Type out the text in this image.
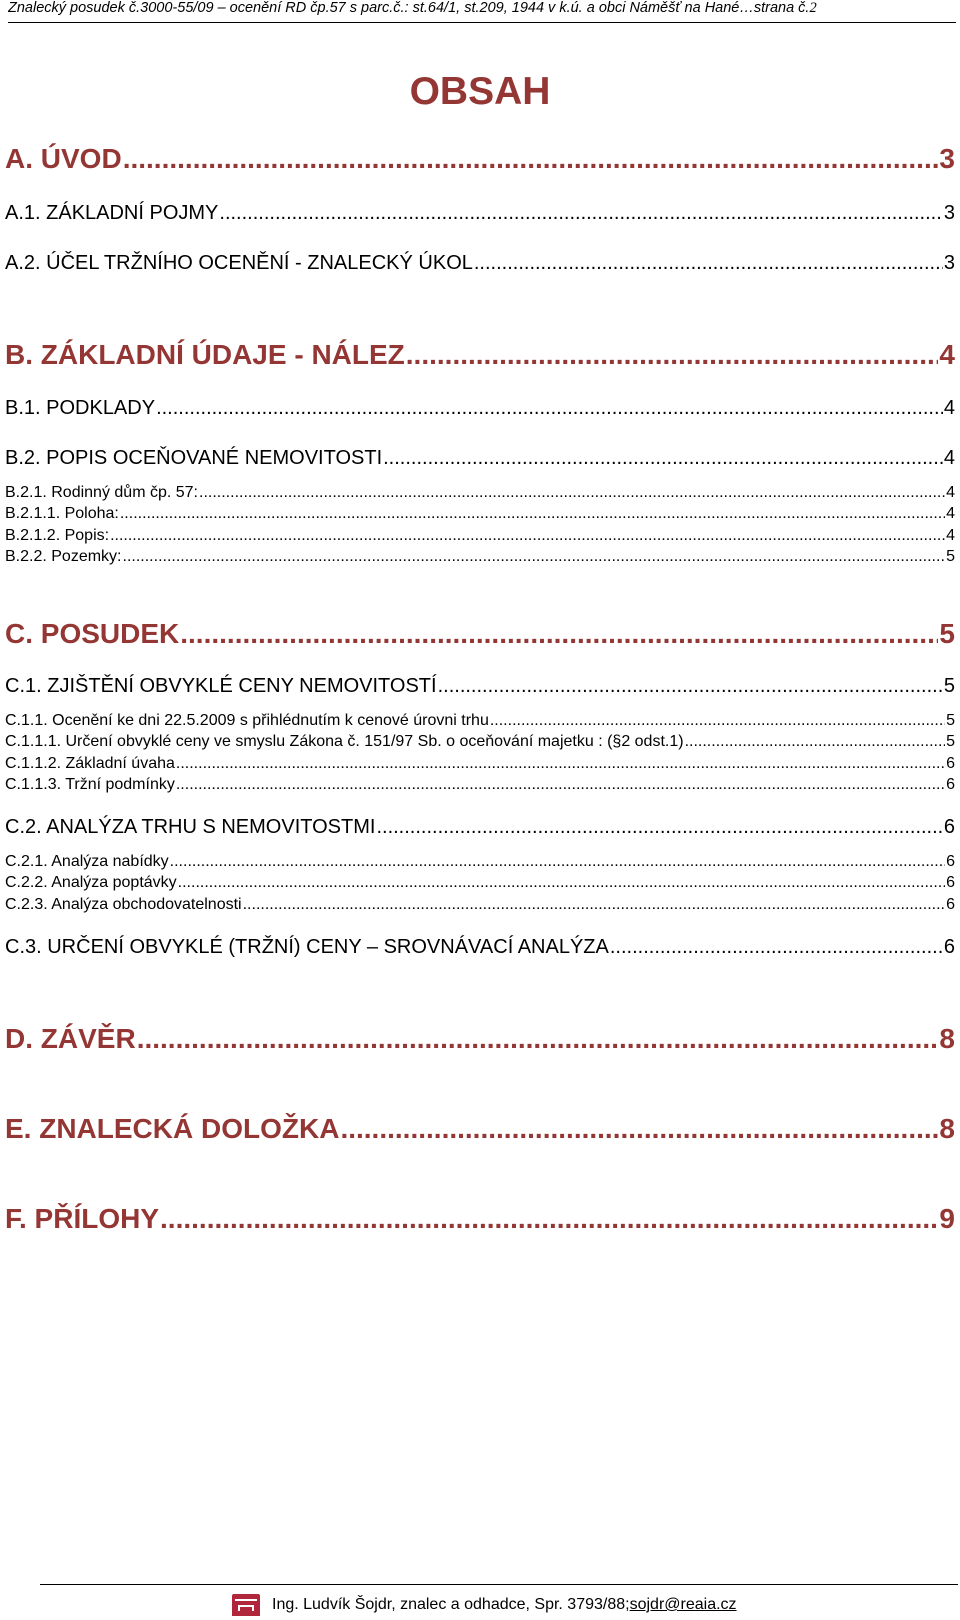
Znalecký posudek č.3000-55/09 – ocenění RD čp.57 s parc.č.: st.64/1, st.209, 1944 v k.ú. a obci Náměšť na Hané…strana č.2
OBSAH
A. ÚVOD .....	3
A.1. ZÁKLADNÍ POJMY .....	3
A.2. ÚČEL TRŽNÍHO OCENĚNÍ - ZNALECKÝ ÚKOL .....	3
B. ZÁKLADNÍ ÚDAJE - NÁLEZ .....	4
B.1. PODKLADY .....	4
B.2. POPIS OCEŇOVANÉ NEMOVITOSTI .....	4
B.2.1. Rodinný dům čp. 57: .....	4
B.2.1.1. Poloha: .....	4
B.2.1.2. Popis: .....	4
B.2.2. Pozemky: .....	5
C. POSUDEK .....	5
C.1. ZJIŠTĚNÍ OBVYKLÉ CENY NEMOVITOSTÍ .....	5
C.1.1. Ocenění ke dni 22.5.2009 s přihlédnutím k cenové úrovni trhu .....	5
C.1.1.1. Určení obvyklé ceny ve smyslu Zákona č. 151/97 Sb. o oceňování majetku : (§2 odst.1) .....	5
C.1.1.2. Základní úvaha .....	6
C.1.1.3. Tržní podmínky .....	6
C.2. ANALÝZA TRHU S NEMOVITOSTMI .....	6
C.2.1. Analýza nabídky .....	6
C.2.2. Analýza poptávky .....	6
C.2.3. Analýza obchodovatelnosti .....	6
C.3. URČENÍ OBVYKLÉ (TRŽNÍ) CENY – SROVNÁVACÍ ANALÝZA .....	6
D. ZÁVĚR .....	8
E. ZNALECKÁ DOLOŽKA .....	8
F. PŘÍLOHY .....	9
Ing. Ludvík Šojdr, znalec a odhadce, Spr. 3793/88; sojdr@reaia.cz
